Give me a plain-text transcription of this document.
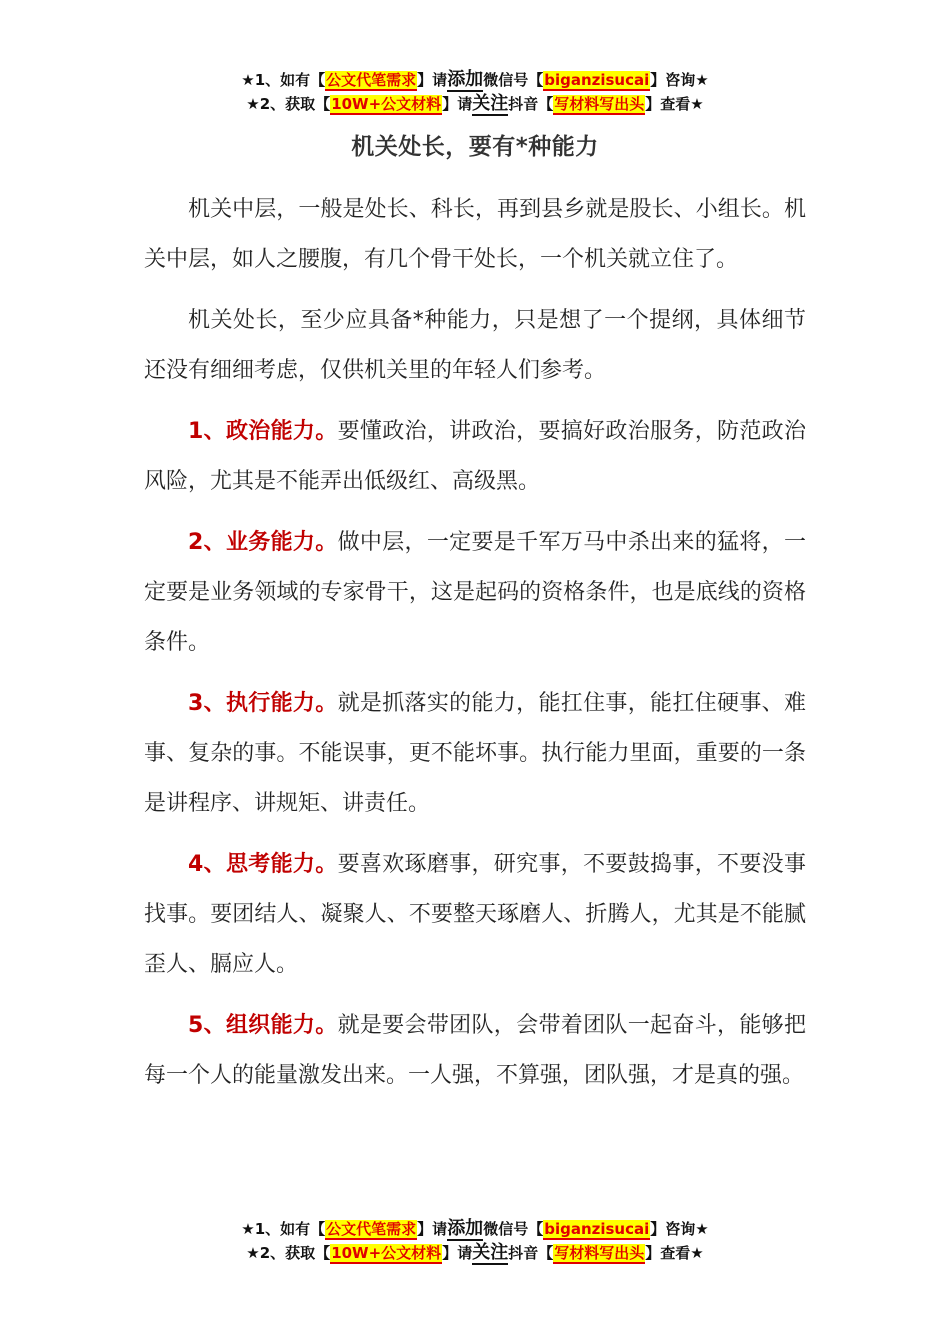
★1、如有【公文代笔需求】请添加微信号【biganzisucai】咨询★
★2、获取【10W+公文材料】请关注抖音【写材料写出头】查看★
机关处长，要有*种能力

机关中层，一般是处长、科长，再到县乡就是股长、小组长。机关中层，如人之腰腹，有几个骨干处长，一个机关就立住了。

机关处长，至少应具备*种能力，只是想了一个提纲，具体细节还没有细细考虑，仅供机关里的年轻人们参考。

1、政治能力。要懂政治，讲政治，要搞好政治服务，防范政治风险，尤其是不能弄出低级红、高级黑。

2、业务能力。做中层，一定要是千军万马中杀出来的猛将，一定要是业务领域的专家骨干，这是起码的资格条件，也是底线的资格条件。

3、执行能力。就是抓落实的能力，能扛住事，能扛住硬事、难事、复杂的事。不能误事，更不能坏事。执行能力里面，重要的一条是讲程序、讲规矩、讲责任。

4、思考能力。要喜欢琢磨事，研究事，不要鼓捣事，不要没事找事。要团结人、凝聚人、不要整天琢磨人、折腾人，尤其是不能腻歪人、膈应人。

5、组织能力。就是要会带团队，会带着团队一起奋斗，能够把每一个人的能量激发出来。一人强，不算强，团队强，才是真的强。

★1、如有【公文代笔需求】请添加微信号【biganzisucai】咨询★
★2、获取【10W+公文材料】请关注抖音【写材料写出头】查看★
